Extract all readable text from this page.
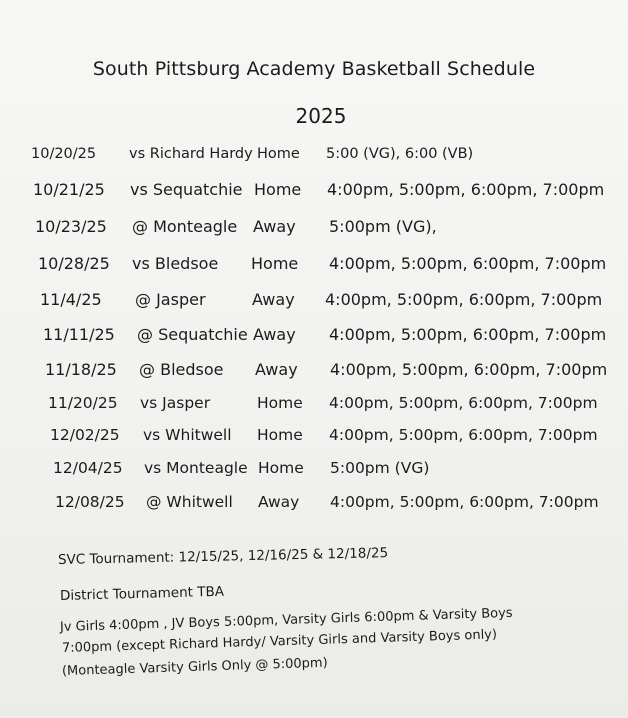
South Pittsburg Academy Basketball Schedule
2025
10/20/25 vs Richard Hardy Home 5:00 (VG), 6:00 (VB)
10/21/25 vs Sequatchie Home 4:00pm, 5:00pm, 6:00pm, 7:00pm
10/23/25 @ Monteagle Away 5:00pm (VG),
10/28/25 vs Bledsoe Home 4:00pm, 5:00pm, 6:00pm, 7:00pm
11/4/25 @ Jasper	Away 4:00pm, 5:00pm, 6:00pm, 7:00pm
11/11/25 @ Sequatchie Away 4:00pm, 5:00pm, 6:00pm, 7:00pm
11/18/25 @ Bledsoe Away 4:00pm, 5:00pm, 6:00pm, 7:00pm
11/20/25 vs Jasper	Home 4:00pm, 5:00pm, 6:00pm, 7:00pm
12/02/25 vs Whitwell Home 4:00pm, 5:00pm, 6:00pm, 7:00pm
12/04/25 vs Monteagle Home 5:00pm (VG)
12/08/25 @ Whitwell Away 4:00pm, 5:00pm, 6:00pm, 7:00pm
SVC Tournament: 12/15/25, 12/16/25 & 12/18/25
District Tournament TBA
Jv Girls 4:00pm , JV Boys 5:00pm, Varsity Girls 6:00pm & Varsity Boys
7:00pm (except Richard Hardy/ Varsity Girls and Varsity Boys only)
(Monteagle Varsity Girls Only @ 5:00pm)
